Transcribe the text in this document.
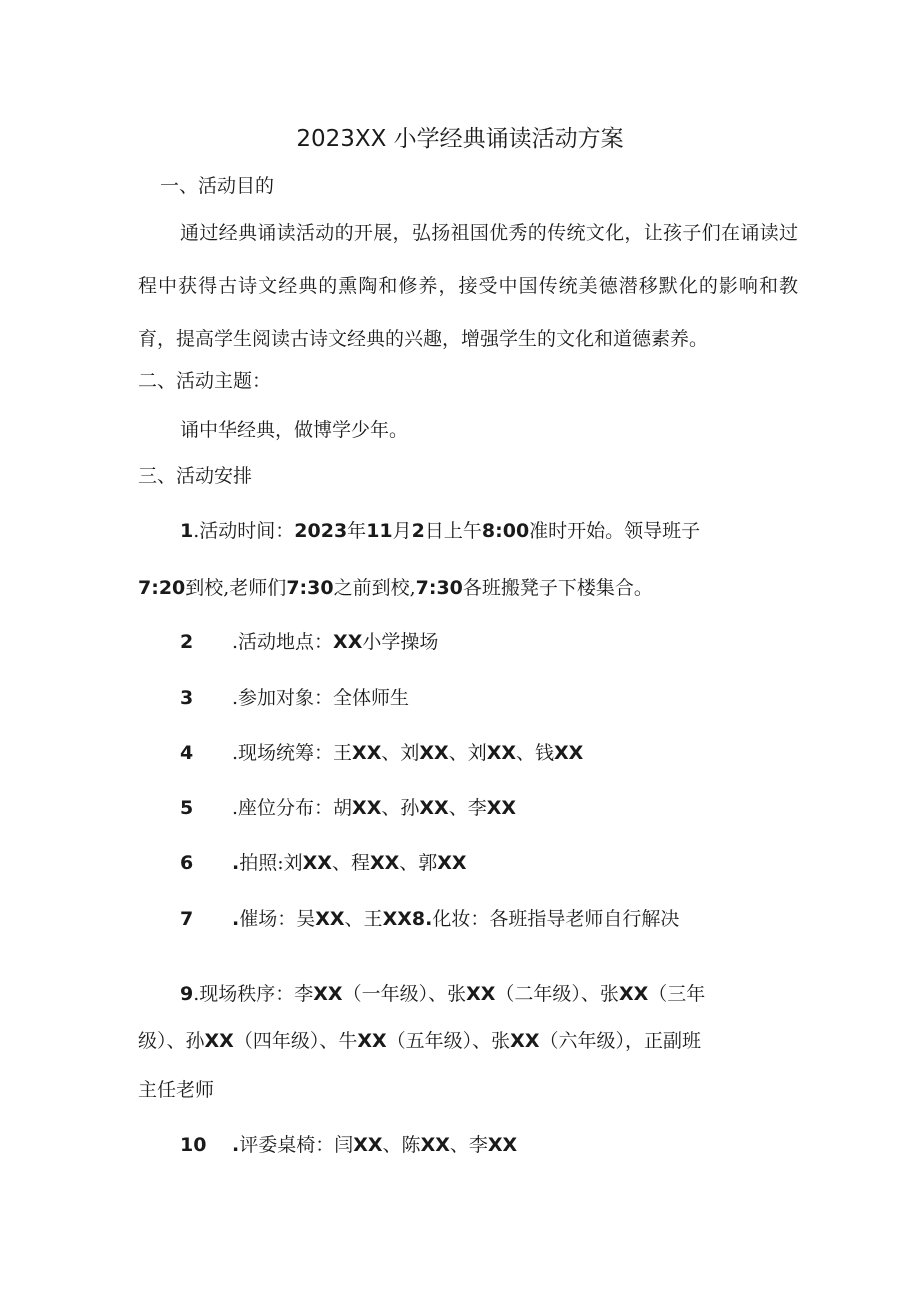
2023XX 小学经典诵读活动方案
一、活动目的
通过经典诵读活动的开展，弘扬祖国优秀的传统文化，让孩子们在诵读过程中获得古诗文经典的熏陶和修养，接受中国传统美德潜移默化的影响和教育，提高学生阅读古诗文经典的兴趣，增强学生的文化和道德素养。
二、活动主题：
诵中华经典，做博学少年。
三、活动安排
1.活动时间：2023年11月2日上午8:00准时开始。领导班子
7:20到校,老师们7:30之前到校,7:30各班搬凳子下楼集合。
2 .活动地点：XX小学操场
3 .参加对象：全体师生
4 .现场统筹：王XX、刘XX、刘XX、钱XX
5 .座位分布：胡XX、孙XX、李XX
6 .拍照:刘XX、程XX、郭XX
7 .催场：吴XX、王XX8.化妆：各班指导老师自行解决
9.现场秩序：李XX（一年级）、张XX（二年级）、张XX（三年
级）、孙XX（四年级）、牛XX（五年级）、张XX（六年级），正副班
主任老师
10 .评委桌椅：闫XX、陈XX、李XX
